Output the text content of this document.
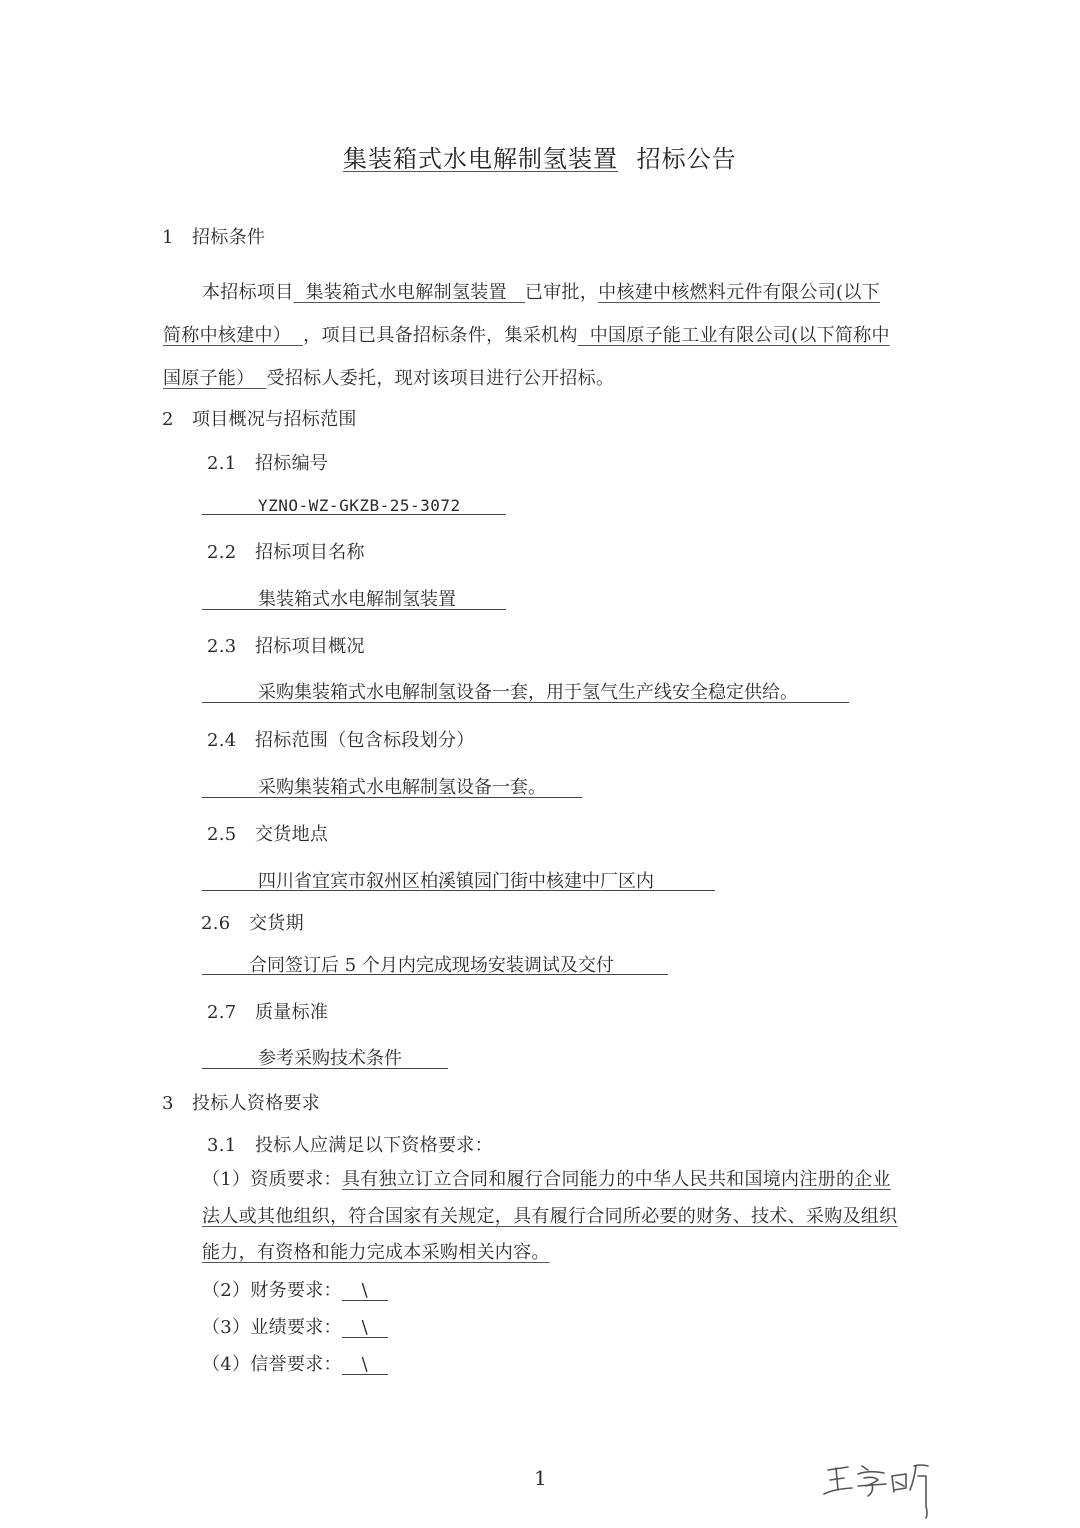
集装箱式水电解制氢装置 招标公告
1 招标条件
本招标项目  集装箱式水电解制氢装置   已审批，中核建中核燃料元件有限公司(以下
简称中核建中）  ，项目已具备招标条件，集采机构  中国原子能工业有限公司(以下简称中
国原子能）  受招标人委托，现对该项目进行公开招标。
2 项目概况与招标范围
2.1 招标编号
YZNO-WZ-GKZB-25-3072
2.2 招标项目名称
集装箱式水电解制氢装置
2.3 招标项目概况
采购集装箱式水电解制氢设备一套，用于氢气生产线安全稳定供给。
2.4 招标范围（包含标段划分）
采购集装箱式水电解制氢设备一套。
2.5 交货地点
四川省宜宾市叙州区柏溪镇园门街中核建中厂区内
2.6 交货期
合同签订后 5 个月内完成现场安装调试及交付
2.7 质量标准
参考采购技术条件
3 投标人资格要求
3.1 投标人应满足以下资格要求：
（1）资质要求：具有独立订立合同和履行合同能力的中华人民共和国境内注册的企业
法人或其他组织，符合国家有关规定，具有履行合同所必要的财务、技术、采购及组织
能力，有资格和能力完成本采购相关内容。
（2）财务要求： \
（3）业绩要求： \
（4）信誉要求： \
1
